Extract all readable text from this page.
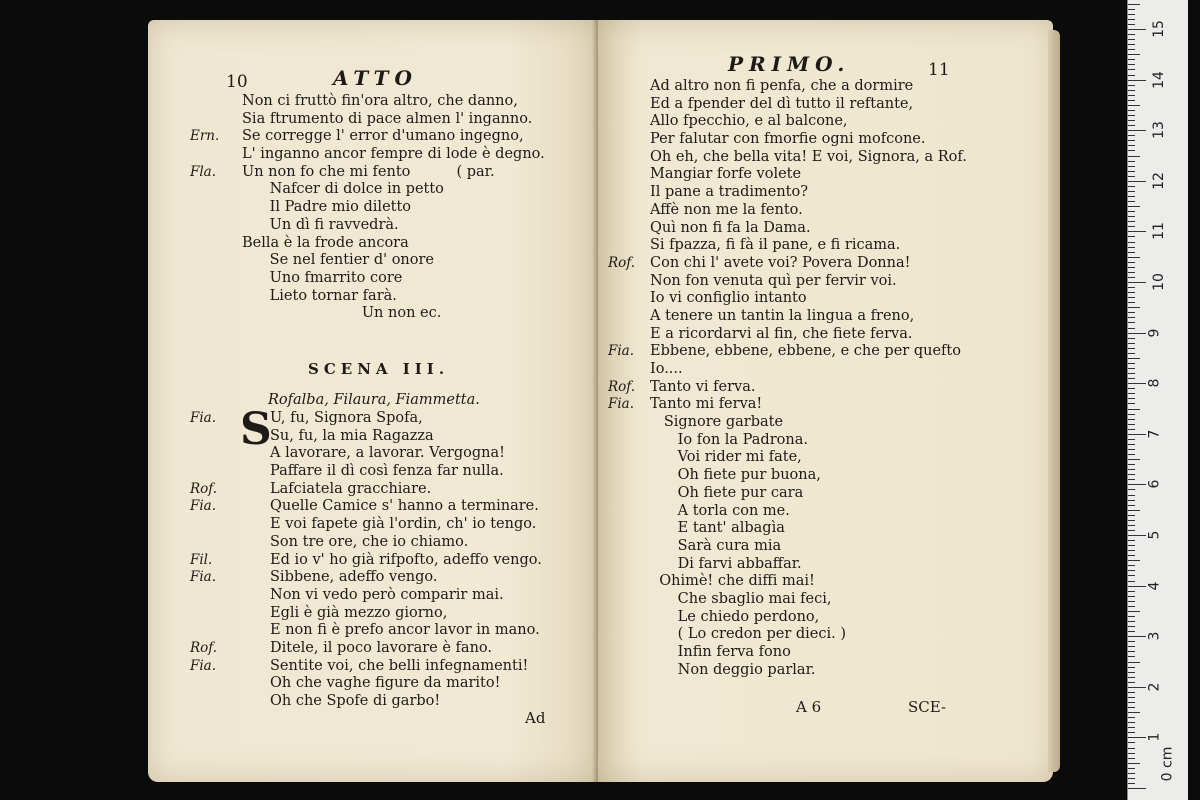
10	ATTO
Non ci fruttò fin'ora altro, che danno,
Sia ftrumento di pace almen l' inganno.
Ern. Se corregge l' error d'umano ingegno,
L' inganno ancor fempre di lode è degno.
Fla. Un non fo che mi fento          ( par.
Nafcer di dolce in petto
Il Padre mio diletto
Un dì fi ravvedrà.
Bella è la frode ancora
Se nel fentier d' onore
Uno fmarrito core
Lieto tornar farà.
Un non ec.
SCENA III.
Rofalba, Filaura, Fiammetta.
S
Fia.	U, fu, Signora Spofa,
Su, fu, la mia Ragazza
A lavorare, a lavorar. Vergogna!
Paffare il dì così fenza far nulla.
Rof.	Lafciatela gracchiare.
Fia.	Quelle Camice s' hanno a terminare.
E voi fapete già l'ordin, ch' io tengo.
Son tre ore, che io chiamo.
Fil.	Ed io v' ho già rifpofto, adeffo vengo.
Fia.	Sibbene, adeffo vengo.
Non vi vedo però comparir mai.
Egli è già mezzo giorno,
E non fi è prefo ancor lavor in mano.
Rof.	Ditele, il poco lavorare è fano.
Fia.	Sentite voi, che belli infegnamenti!
Oh che vaghe figure da marito!
Oh che Spofe di garbo!
Ad
PRIMO.	11
Ad altro non fi penfa, che a dormire
Ed a fpender del dì tutto il reftante,
Allo fpecchio, e al balcone,
Per falutar con fmorfie ogni mofcone.
Oh eh, che bella vita! E voi, Signora, a Rof.
Mangiar forfe volete
Il pane a tradimento?
Affè non me la fento.
Quì non fi fa la Dama.
Si fpazza, fi fà il pane, e fi ricama.
Rof. Con chi l' avete voi? Povera Donna!
Non fon venuta quì per fervir voi.
Io vi configlio intanto
A tenere un tantin la lingua a freno,
E a ricordarvi al fin, che fiete ferva.
Fia. Ebbene, ebbene, ebbene, e che per quefto
Io....
Rof. Tanto vi ferva.
Fia. Tanto mi ferva!
Signore garbate
Io fon la Padrona.
Voi rider mi fate,
Oh fiete pur buona,
Oh fiete pur cara
A torla con me.
E tant' albagìa
Sarà cura mia
Di farvi abbaffar.
Ohimè! che diffi mai!
Che sbaglio mai feci,
Le chiedo perdono,
( Lo credon per dieci. )
Infin ferva fono
Non deggio parlar.
A 6	SCE-
0 cm
1
2
3
4
5
6
7
8
9
10
11
12
13
14
15
